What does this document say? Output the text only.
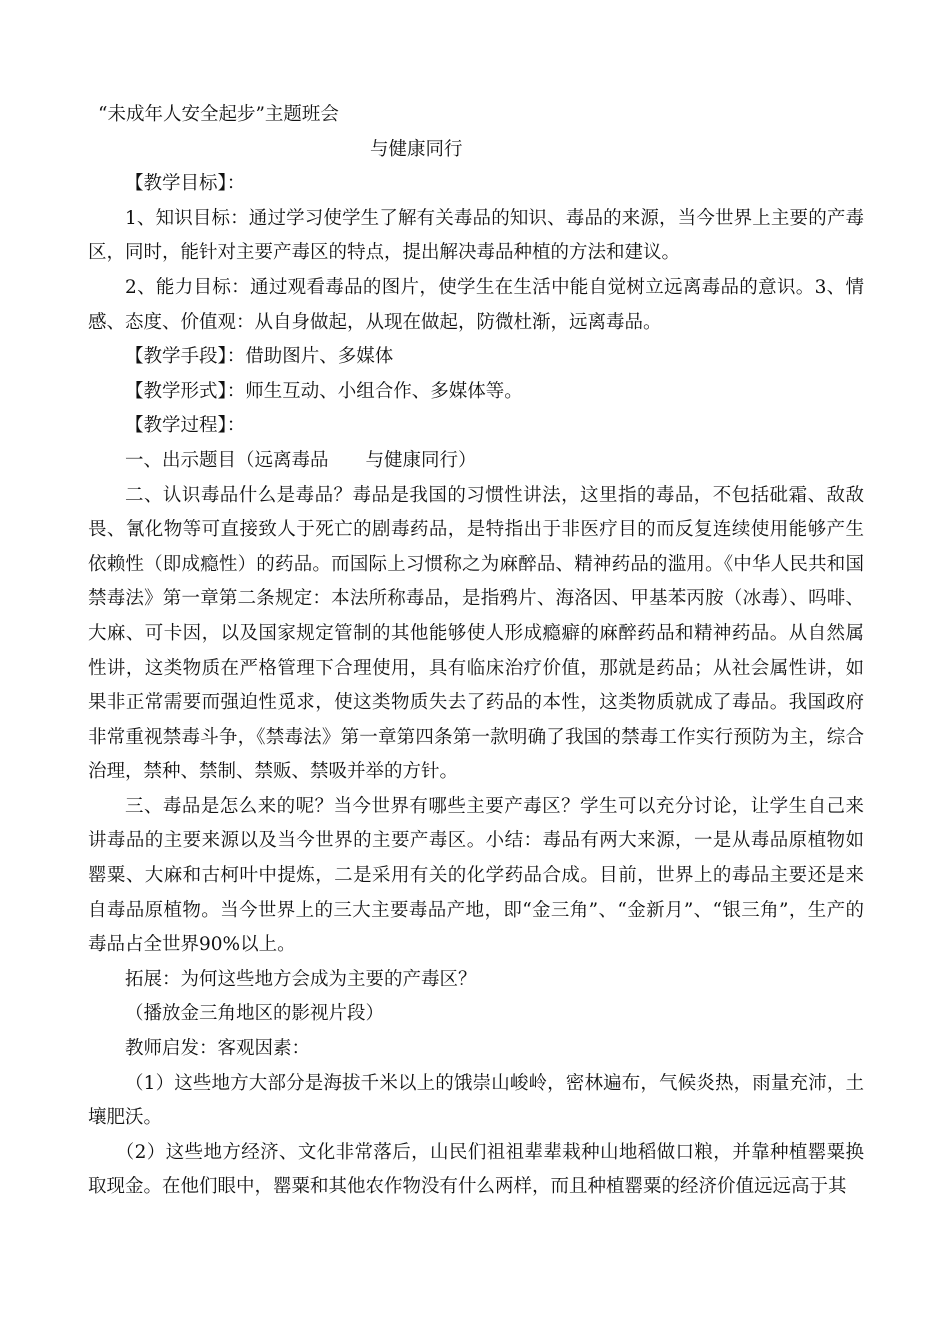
“未成年人安全起步”主题班会
与健康同行

【教学目标】：

1、知识目标：通过学习使学生了解有关毒品的知识、毒品的来源，当今世界上主要的产毒区，同时，能针对主要产毒区的特点，提出解决毒品种植的方法和建议。

2、能力目标：通过观看毒品的图片，使学生在生活中能自觉树立远离毒品的意识。3、情感、态度、价值观：从自身做起，从现在做起，防微杜渐，远离毒品。

【教学手段】：借助图片、多媒体

【教学形式】：师生互动、小组合作、多媒体等。

【教学过程】：

一、出示题目（远离毒品　　与健康同行）

二、认识毒品什么是毒品？毒品是我国的习惯性讲法，这里指的毒品，不包括砒霜、敌敌畏、氰化物等可直接致人于死亡的剧毒药品，是特指出于非医疗目的而反复连续使用能够产生依赖性（即成瘾性）的药品。而国际上习惯称之为麻醉品、精神药品的滥用。《中华人民共和国禁毒法》第一章第二条规定：本法所称毒品，是指鸦片、海洛因、甲基苯丙胺（冰毒）、吗啡、大麻、可卡因，以及国家规定管制的其他能够使人形成瘾癖的麻醉药品和精神药品。从自然属性讲，这类物质在严格管理下合理使用，具有临床治疗价值，那就是药品；从社会属性讲，如果非正常需要而强迫性觅求，使这类物质失去了药品的本性，这类物质就成了毒品。我国政府非常重视禁毒斗争，《禁毒法》第一章第四条第一款明确了我国的禁毒工作实行预防为主，综合治理，禁种、禁制、禁贩、禁吸并举的方针。

三、毒品是怎么来的呢？当今世界有哪些主要产毒区？学生可以充分讨论，让学生自己来讲毒品的主要来源以及当今世界的主要产毒区。小结：毒品有两大来源，一是从毒品原植物如罂粟、大麻和古柯叶中提炼，二是采用有关的化学药品合成。目前，世界上的毒品主要还是来自毒品原植物。当今世界上的三大主要毒品产地，即“金三角”、“金新月”、“银三角”，生产的毒品占全世界90%以上。

拓展：为何这些地方会成为主要的产毒区？

（播放金三角地区的影视片段）

教师启发：客观因素：

（1）这些地方大部分是海拔千米以上的饿崇山峻岭，密林遍布，气候炎热，雨量充沛，土壤肥沃。

（2）这些地方经济、文化非常落后，山民们祖祖辈辈栽种山地稻做口粮，并靠种植罂粟换取现金。在他们眼中，罂粟和其他农作物没有什么两样，而且种植罂粟的经济价值远远高于其
